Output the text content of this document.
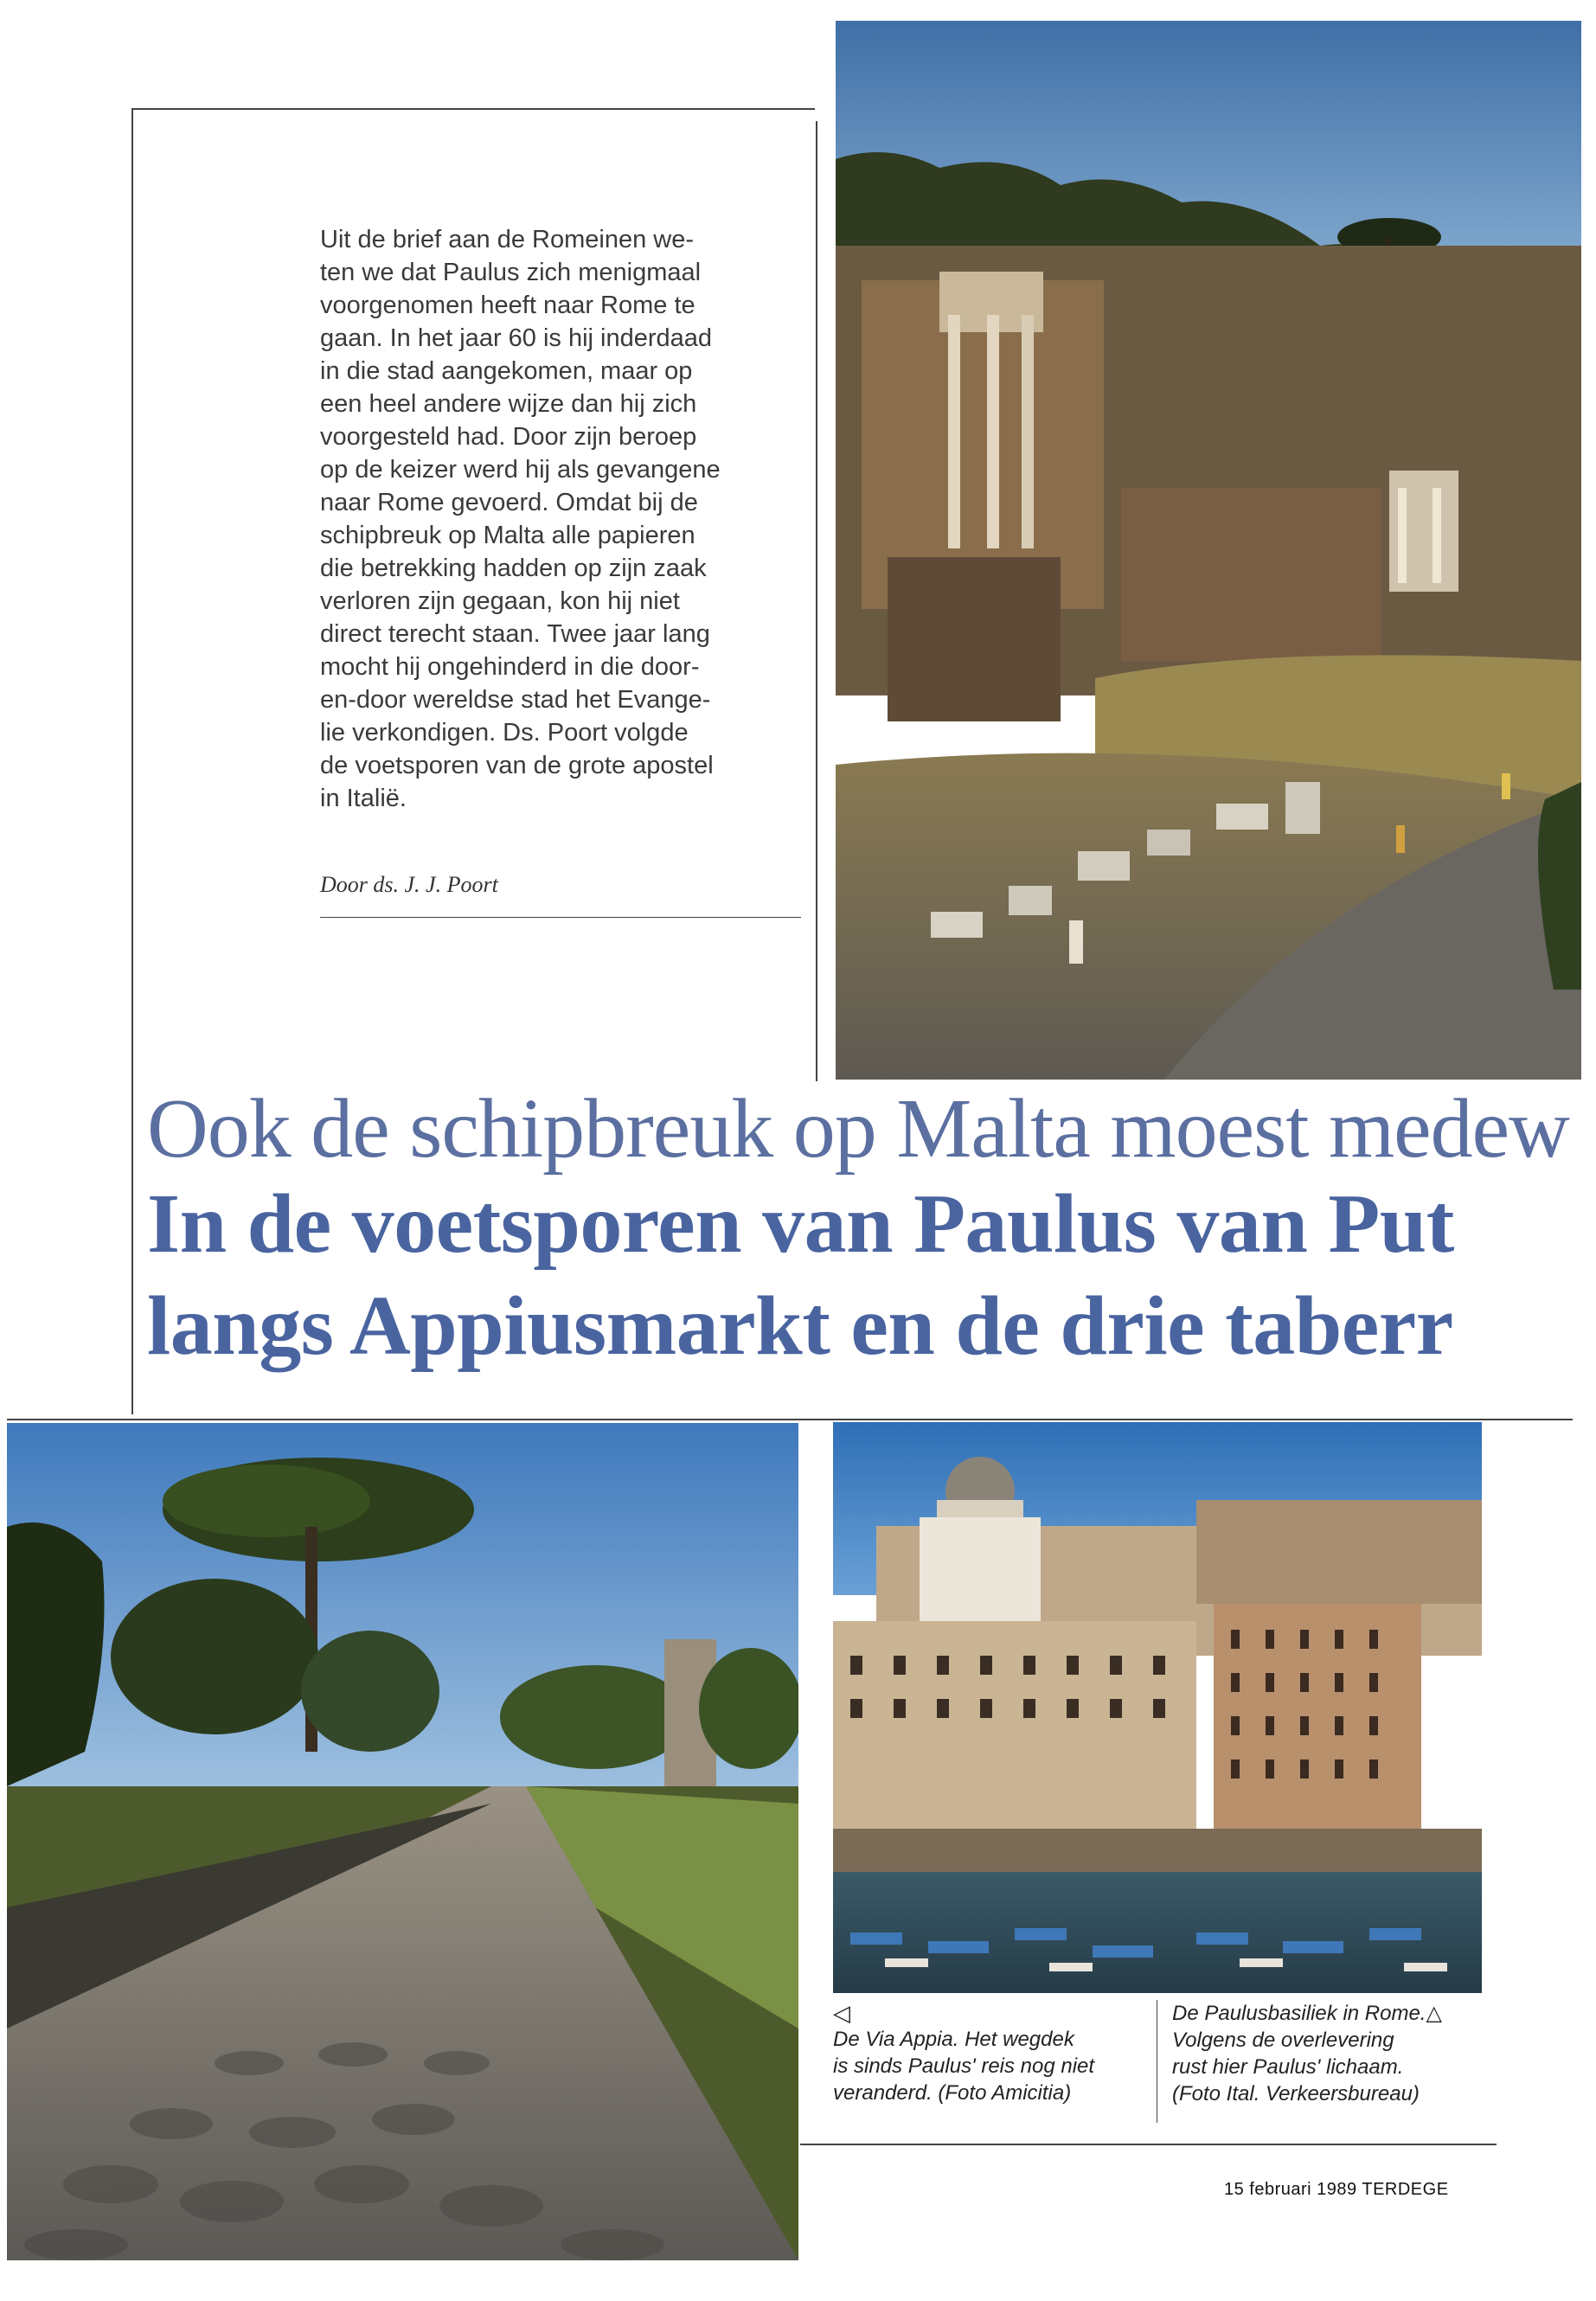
Uit de brief aan de Romeinen we-

ten we dat Paulus zich menigmaal

voorgenomen heeft naar Rome te

gaan. In het jaar 60 is hij inderdaad

in die stad aangekomen, maar op

een heel andere wijze dan hij zich

voorgesteld had. Door zijn beroep

op de keizer werd hij als gevangene

naar Rome gevoerd. Omdat bij de

schipbreuk op Malta alle papieren

die betrekking hadden op zijn zaak

verloren zijn gegaan, kon hij niet

direct terecht staan. Twee jaar lang

mocht hij ongehinderd in die door-

en-door wereldse stad het Evange-

lie verkondigen. Ds. Poort volgde

de voetsporen van de grote apostel

in Italië.

Door ds. J. J. Poort
Ook de schipbreuk op Malta moest medew
In de voetsporen van Paulus van Put
langs Appiusmarkt en de drie taberr
◁
De Via Appia. Het wegdek
is sinds Paulus' reis nog niet
veranderd. (Foto Amicitia)
De Paulusbasiliek in Rome.△
Volgens de overlevering
rust hier Paulus' lichaam.
(Foto Ital. Verkeersbureau)
15 februari 1989 TERDEGE
